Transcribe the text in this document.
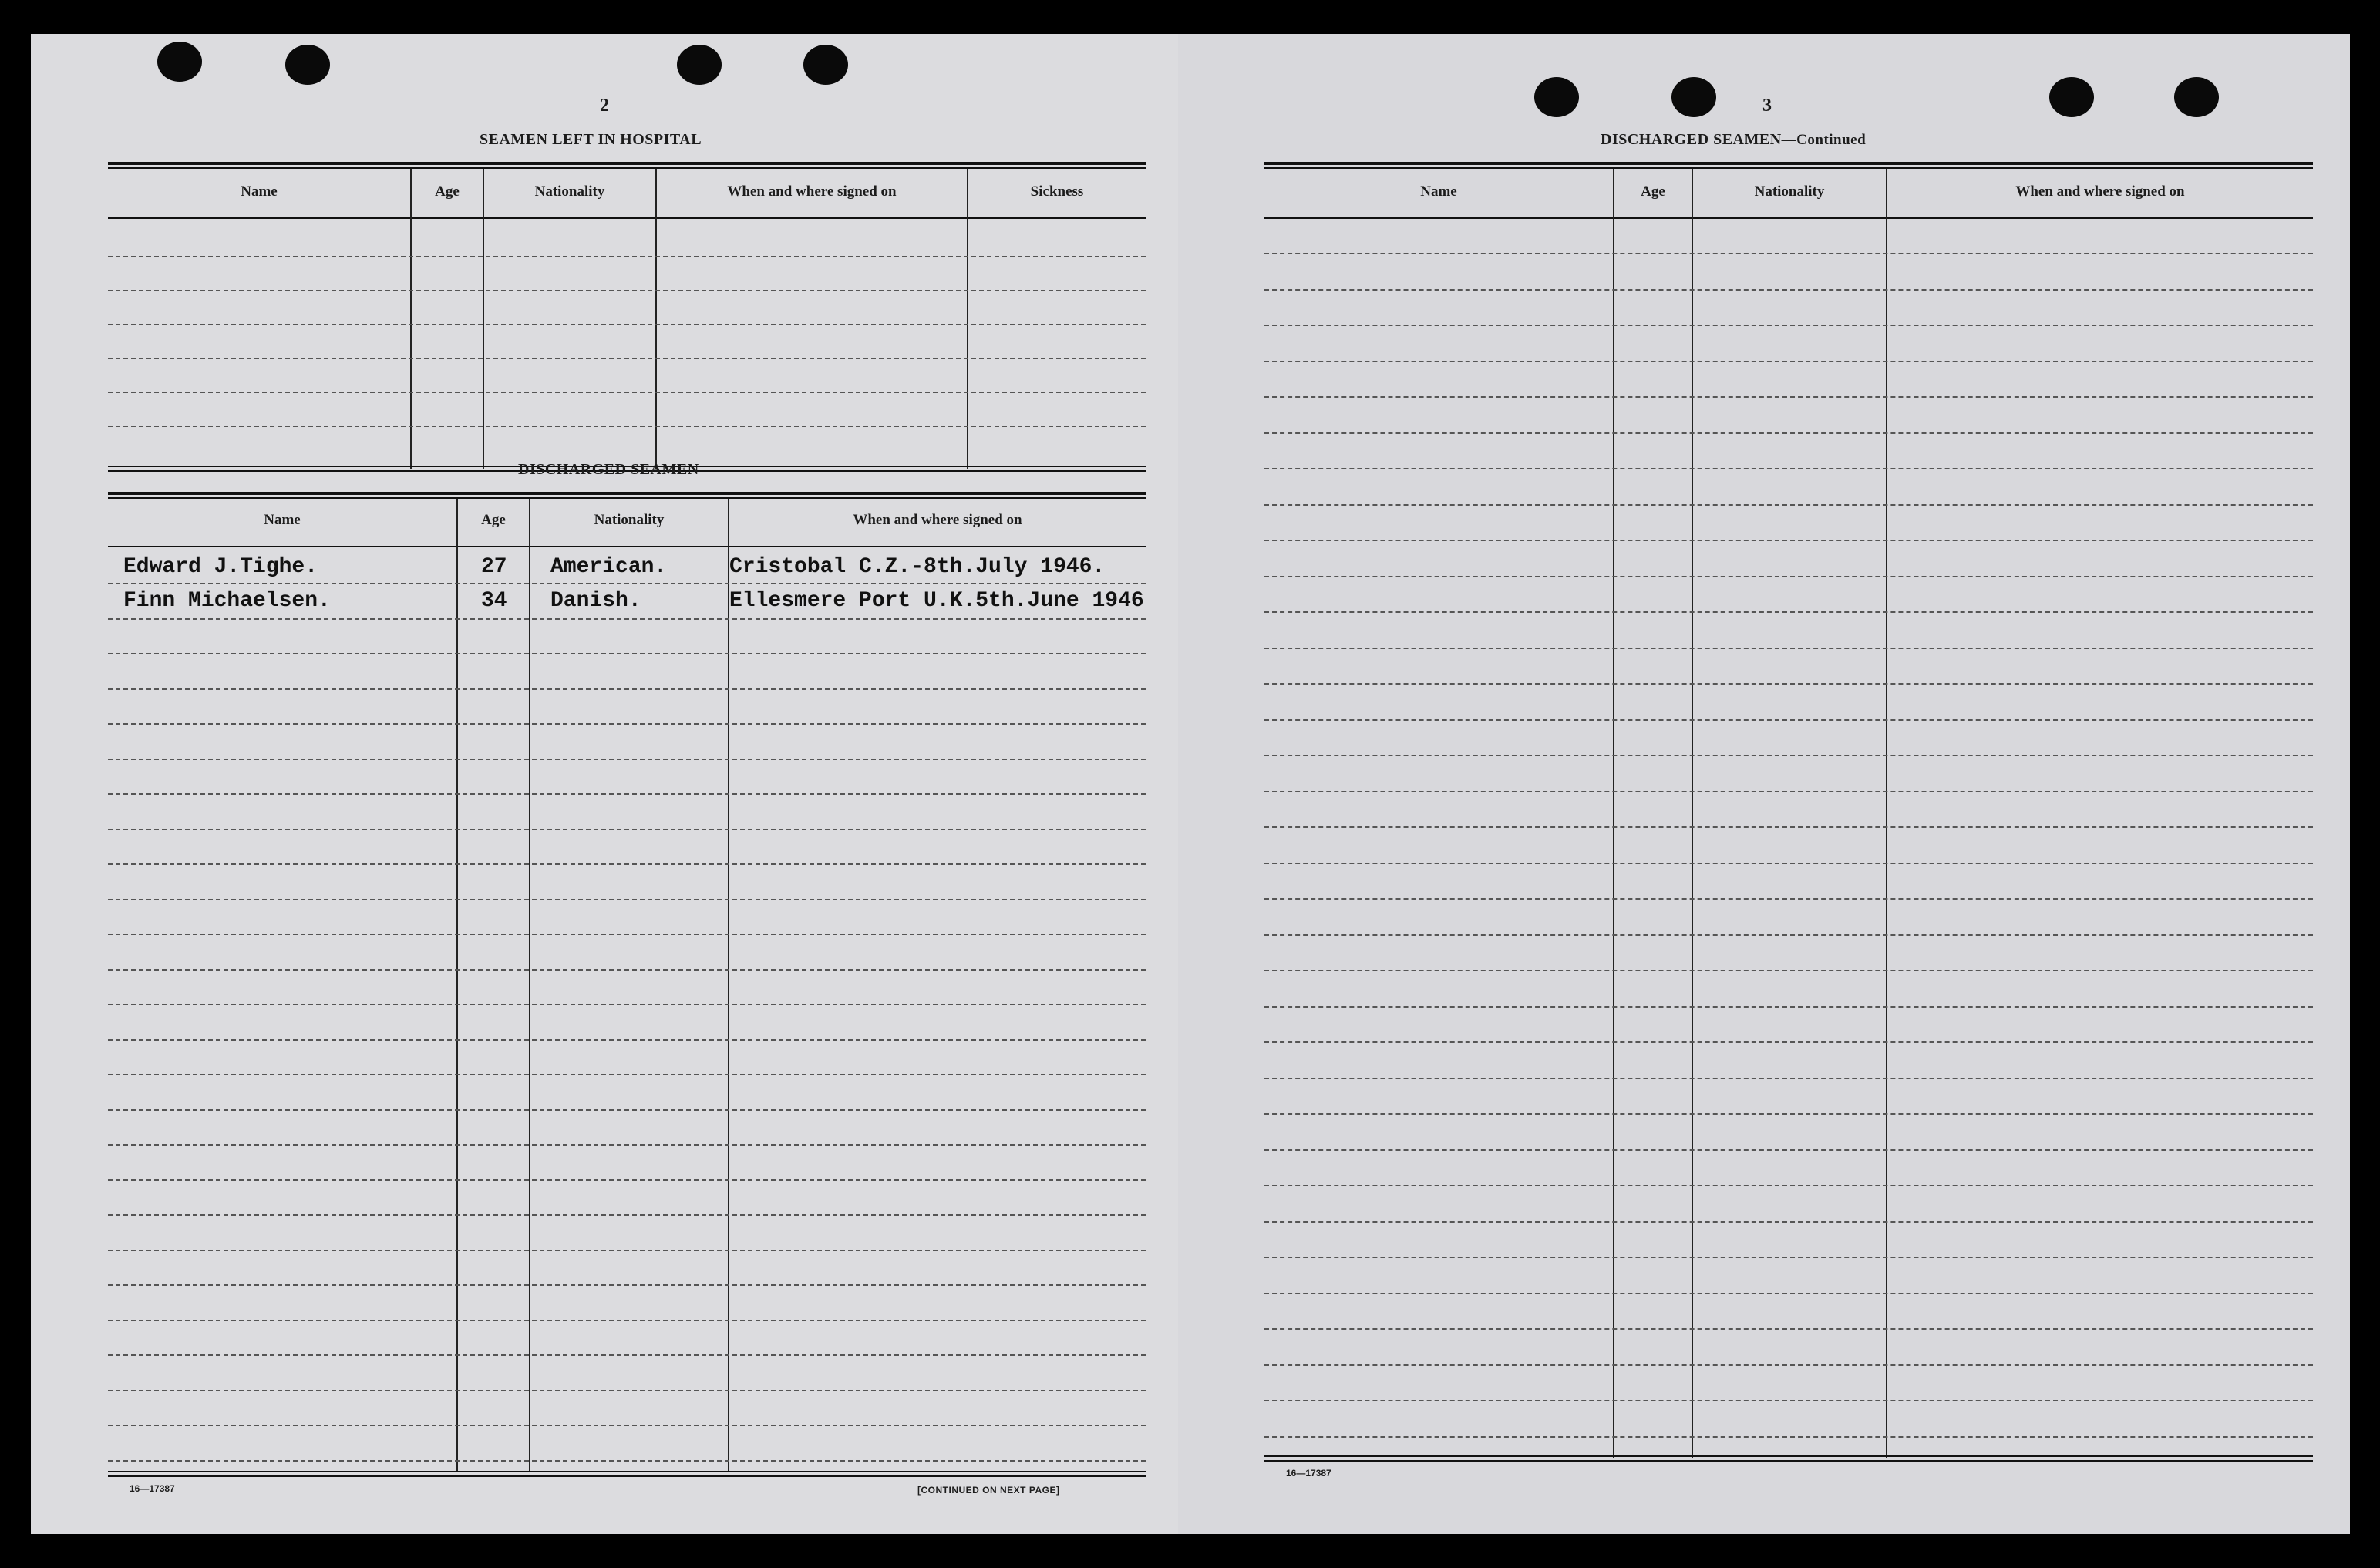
2
SEAMEN LEFT IN HOSPITAL
Name	Age	Nationality	When and where signed on	Sickness
DISCHARGED SEAMEN
Name	Age	Nationality	When and where signed on
Edward J.Tighe.	27 American.	Cristobal C.Z.-8th.July 1946.
Finn Michaelsen.	34 Danish.	Ellesmere Port U.K.5th.June 1946
16—17387	[CONTINUED ON NEXT PAGE]
3
DISCHARGED SEAMEN—Continued
Name	Age	Nationality	When and where signed on
16—17387
